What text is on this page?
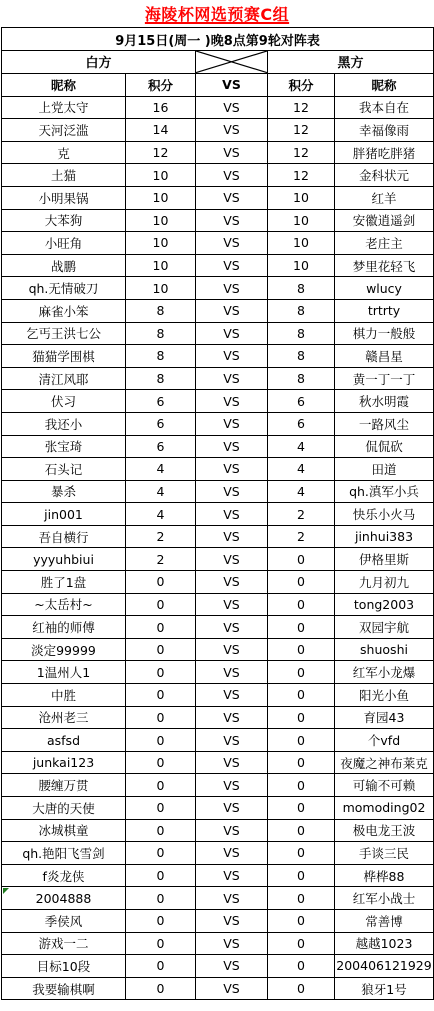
海陵杯网选预赛C组
9月15日(周一 )晚8点第9轮对阵表				
白方			黑方	
昵称	积分	VS	积分	昵称
上党太守	16	VS	12	我本自在
天河泛滥	14	VS	12	幸福像雨
克	12	VS	12	胖猪吃胖猪
土猫	10	VS	12	金科状元
小明果锅	10	VS	10	红羊
大苯狗	10	VS	10	安徽逍遥剑
小旺角	10	VS	10	老庄主
战鹏	10	VS	10	梦里花轻飞
qh.无情破刀	10	VS	8	wlucy
麻雀小笨	8	VS	8	trtrty
乞丐王洪七公	8	VS	8	棋力一般般
猫猫学围棋	8	VS	8	赣昌星
清江风耶	8	VS	8	黄一丁一丁
伏习	6	VS	6	秋水明霞
我还小	6	VS	6	一路风尘
张宝琦	6	VS	4	侃侃砍
石头记	4	VS	4	田道
暴杀	4	VS	4	qh.滇军小兵
jin001	4	VS	2	快乐小火马
吾自横行	2	VS	2	jinhui383
yyyuhbiui	2	VS	0	伊格里斯
胜了1盘	0	VS	0	九月初九
~太岳村~	0	VS	0	tong2003
红袖的师傅	0	VS	0	双园宇航
淡定99999	0	VS	0	shuoshi
1温州人1	0	VS	0	红军小龙爆
中胜	0	VS	0	阳光小鱼
沧州老三	0	VS	0	育园43
asfsd	0	VS	0	个vfd
junkai123	0	VS	0	夜魔之神布莱克
腰缠万贯	0	VS	0	可输不可赖
大唐的天使	0	VS	0	momoding02
冰城棋童	0	VS	0	极电龙王波
qh.艳阳飞雪剑	0	VS	0	手谈三民
f炎龙侠	0	VS	0	桦桦88
2004888	0	VS	0	红军小战士
季侯风	0	VS	0	常善博
游戏一二	0	VS	0	越越1023
目标10段	0	VS	0	200406121929
我要输棋啊	0	VS	0	狼牙1号
